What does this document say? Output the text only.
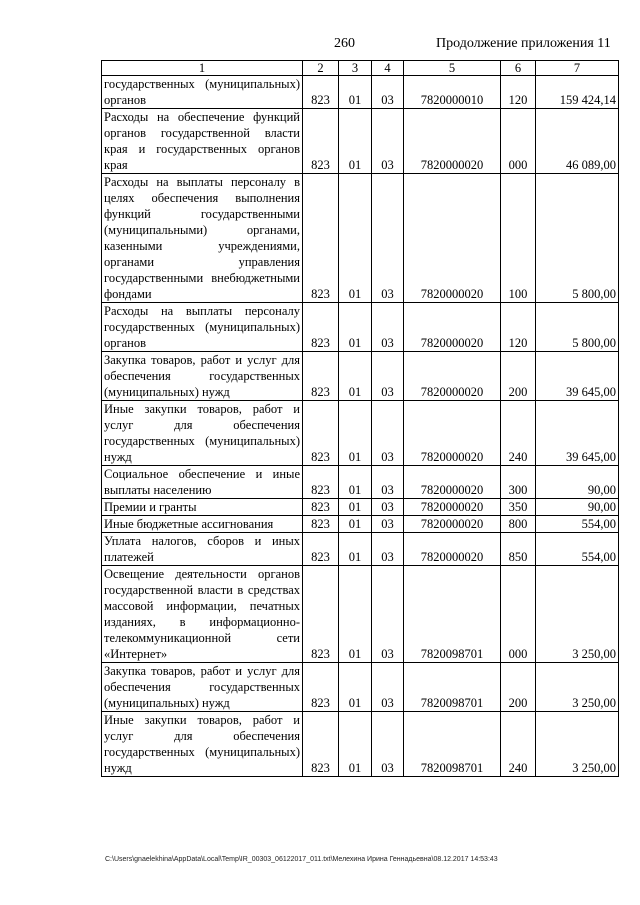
260	Продолжение приложения 11
1	2	3	4	5	6	7
государственных (муниципальных) органов	823	01	03	7820000010	120	159 424,14
Расходы на обеспечение функций органов государственной власти края и государственных органов края	823	01	03	7820000020	000	46 089,00
Расходы на выплаты персоналу в целях обеспечения выполнения функций государственными (муниципальными) органами, казенными учреждениями, органами управления государственными внебюджетными фондами	823	01	03	7820000020	100	5 800,00
Расходы на выплаты персоналу государственных (муниципальных) органов	823	01	03	7820000020	120	5 800,00
Закупка товаров, работ и услуг для обеспечения государственных (муниципальных) нужд	823	01	03	7820000020	200	39 645,00
Иные закупки товаров, работ и услуг для обеспечения государственных (муниципальных) нужд	823	01	03	7820000020	240	39 645,00
Социальное обеспечение и иные выплаты населению	823	01	03	7820000020	300	90,00
Премии и гранты	823	01	03	7820000020	350	90,00
Иные бюджетные ассигнования	823	01	03	7820000020	800	554,00
Уплата налогов, сборов и иных платежей	823	01	03	7820000020	850	554,00
Освещение деятельности органов государственной власти в средствах массовой информации, печатных изданиях, в информационно-телекоммуникационной сети «Интернет»	823	01	03	7820098701	000	3 250,00
Закупка товаров, работ и услуг для обеспечения государственных (муниципальных) нужд	823	01	03	7820098701	200	3 250,00
Иные закупки товаров, работ и услуг для обеспечения государственных (муниципальных) нужд	823	01	03	7820098701	240	3 250,00
C:\Users\gnaelekhina\AppData\Local\Temp\IR_00303_06122017_011.txt\Мелехина Ирина Геннадьевна\08.12.2017 14:53:43
